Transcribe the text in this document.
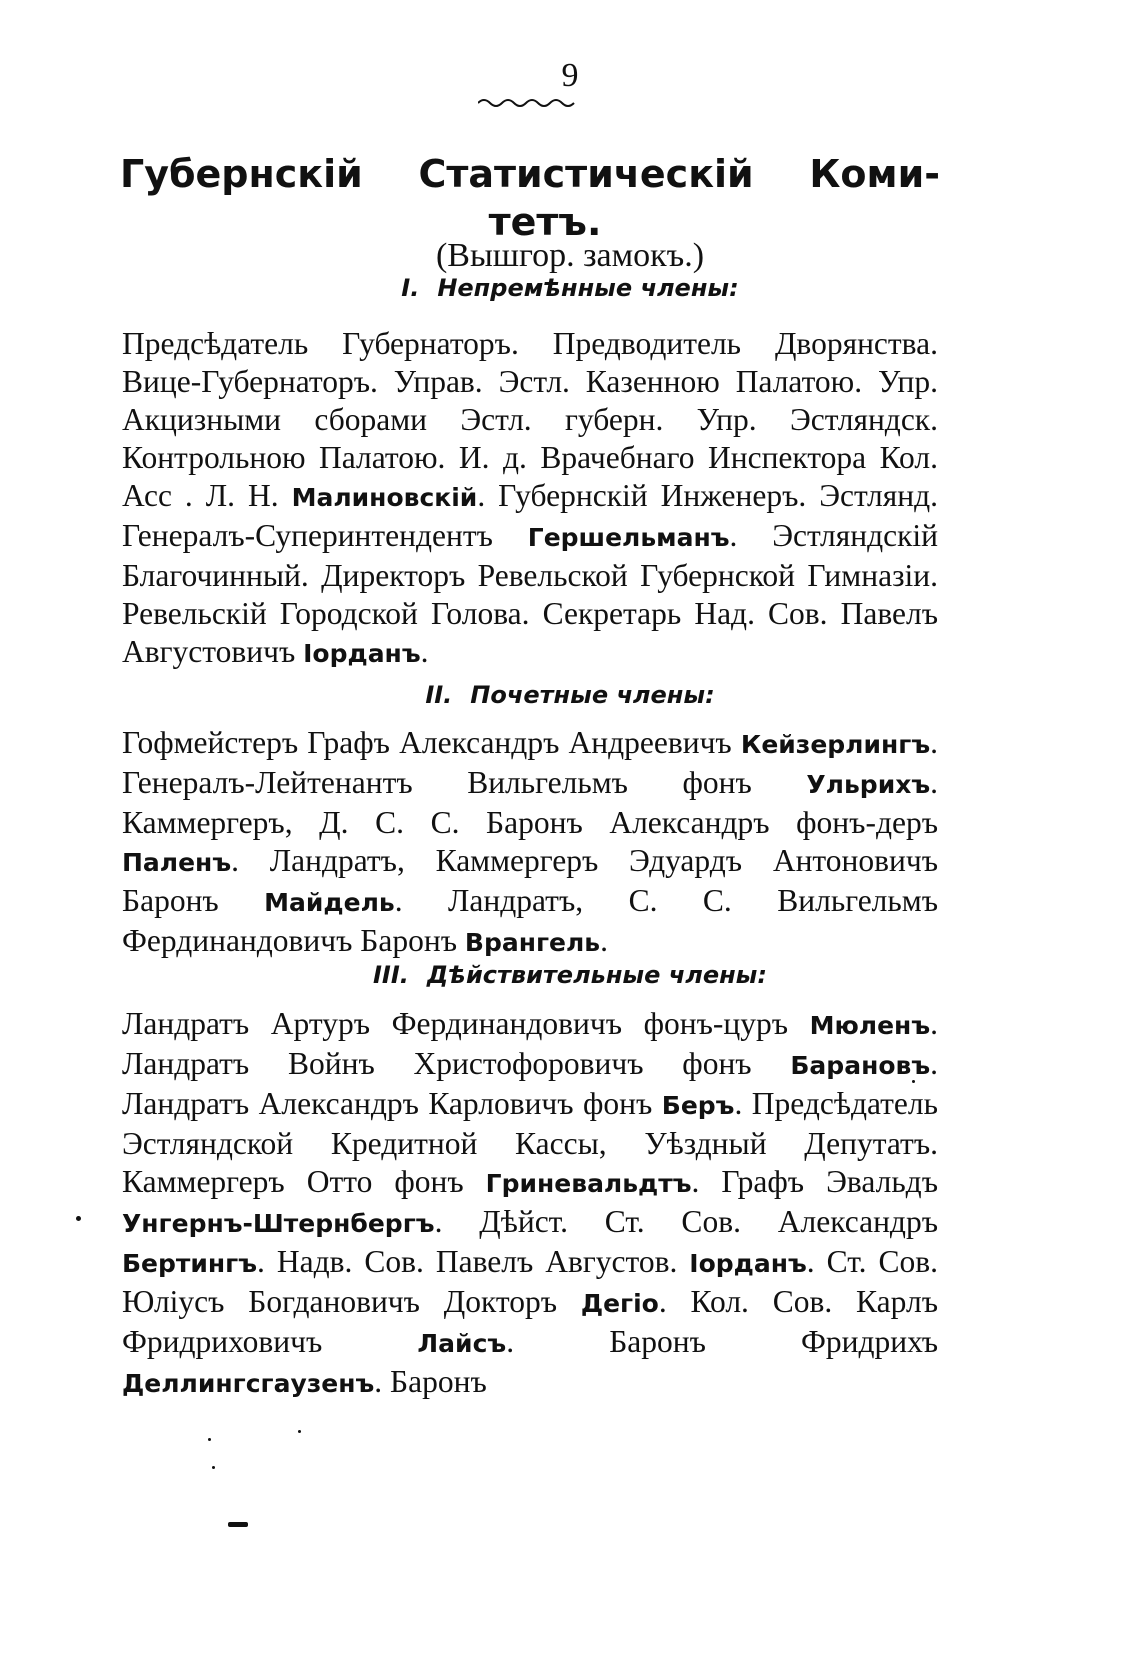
9
Губернскій Статистическій Коми-
тетъ.
(Вышгор. замокъ.)
I. Непремѣнные члены:

Предсѣдатель Губернаторъ. Предводитель Дворянства. Вице-Губернаторъ. Управ. Эстл. Казенною Палатою. Упр. Акцизными сборами Эстл. губерн. Упр. Эстляндск. Контрольною Палатою. И. д. Врачебнаго Инспектора Кол. Асс . Л. Н. Малиновскій. Губернскій Инженеръ. Эстлянд. Генералъ-Суперинтендентъ Гершельманъ. Эстляндскій Благочинный. Директоръ Ревельской Губернской Гимназіи. Ревельскій Городской Голова. Секретарь Над. Сов. Павелъ Августовичъ Іорданъ.

II. Почетные члены:

Гофмейстеръ Графъ Александръ Андреевичъ Кейзерлингъ. Генералъ-Лейтенантъ Вильгельмъ фонъ Ульрихъ. Каммергеръ, Д. С. С. Баронъ Александръ фонъ-деръ Паленъ. Ландратъ, Каммергеръ Эдуардъ Антоновичъ Баронъ Майдель. Ландратъ, С. С. Вильгельмъ Фердинандовичъ Баронъ Врангель.

III. Дѣйствительные члены:

Ландратъ Артуръ Фердинандовичъ фонъ-цуръ Мюленъ. Ландратъ Войнъ Христофоровичъ фонъ Барановъ. Ландратъ Александръ Карловичъ фонъ Беръ. Предсѣдатель Эстляндской Кредитной Кассы, Уѣздный Депутатъ. Каммергеръ Отто фонъ Гриневальдтъ. Графъ Эвальдъ Унгернъ-Штернбергъ. Дѣйст. Ст. Сов. Александръ Бертингъ. Надв. Сов. Павелъ Августов. Іорданъ. Ст. Сов. Юліусъ Богдановичъ Докторъ Дегіо. Кол. Сов. Карлъ Фридриховичъ Лайсъ. Баронъ Фридрихъ Деллингсгаузенъ. Баронъ
